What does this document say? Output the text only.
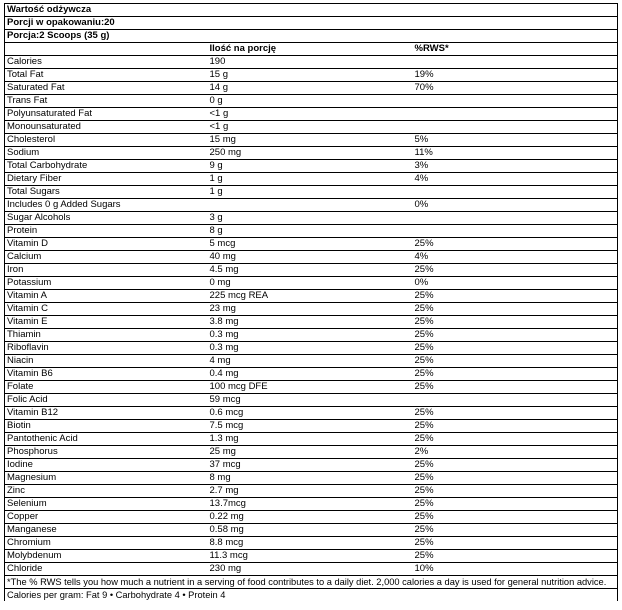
Wartość odżywcza		
Porcji w opakowaniu:20		
Porcja:2 Scoops (35 g)		
	Ilość na porcję	%RWS*
Calories	190	
Total Fat	15 g	19%
Saturated Fat	14 g	70%
Trans Fat	0 g	
Polyunsaturated Fat	<1 g	
Monounsaturated	<1 g	
Cholesterol	15 mg	5%
Sodium	250 mg	11%
Total Carbohydrate	9 g	3%
Dietary Fiber	1 g	4%
Total Sugars	1 g	
Includes 0 g Added Sugars		0%
Sugar Alcohols	3 g	
Protein	8 g	
Vitamin D	5 mcg	25%
Calcium	40 mg	4%
Iron	4.5 mg	25%
Potassium	0 mg	0%
Vitamin A	225 mcg REA	25%
Vitamin C	23 mg	25%
Vitamin E	3.8 mg	25%
Thiamin	0.3 mg	25%
Riboflavin	0.3 mg	25%
Niacin	4 mg	25%
Vitamin B6	0.4 mg	25%
Folate	100 mcg DFE	25%
Folic Acid	59 mcg	
Vitamin B12	0.6 mcg	25%
Biotin	7.5 mcg	25%
Pantothenic Acid	1.3 mg	25%
Phosphorus	25 mg	2%
Iodine	37 mcg	25%
Magnesium	8 mg	25%
Zinc	2.7 mg	25%
Selenium	13.7mcg	25%
Copper	0.22 mg	25%
Manganese	0.58 mg	25%
Chromium	8.8 mcg	25%
Molybdenum	11.3 mcg	25%
Chloride	230 mg	10%
*The % RWS tells you how much a nutrient in a serving of food contributes to a daily diet. 2,000 calories a day is used for general nutrition advice.		
Calories per gram: Fat 9 • Carbohydrate 4 • Protein 4		
